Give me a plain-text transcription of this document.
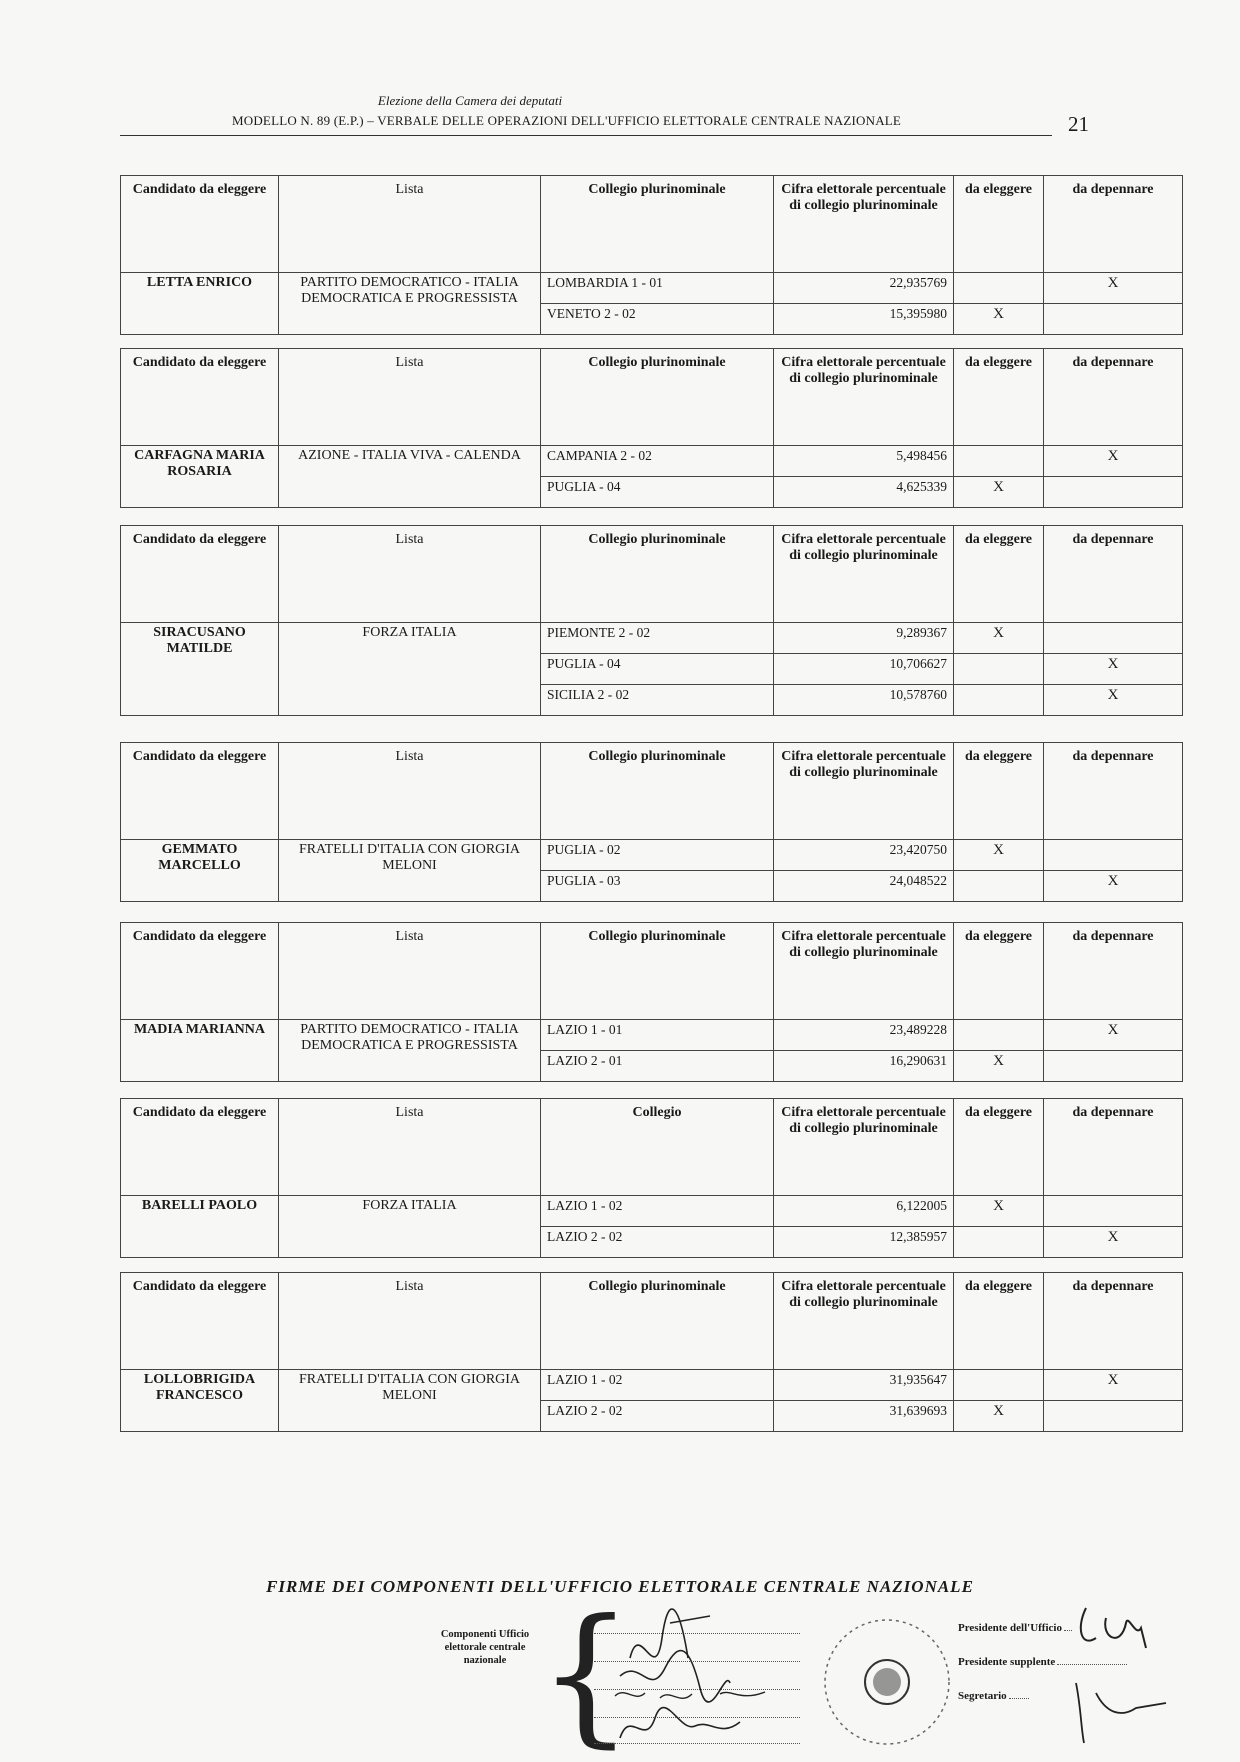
Elezione della Camera dei deputati
MODELLO N. 89 (E.P.) – VERBALE DELLE OPERAZIONI DELL'UFFICIO ELETTORALE CENTRALE NAZIONALE	21
Candidato da eleggere	Lista	Collegio plurinominale	Cifra elettorale percentuale di collegio plurinominale	da eleggere	da depennare
LETTA ENRICO	PARTITO DEMOCRATICO - ITALIA DEMOCRATICA E PROGRESSISTA	LOMBARDIA 1 - 01	22,935769		X
		VENETO 2 - 02	15,395980	X	
Candidato da eleggere	Lista	Collegio plurinominale	Cifra elettorale percentuale di collegio plurinominale	da eleggere	da depennare
CARFAGNA MARIA ROSARIA	AZIONE - ITALIA VIVA - CALENDA	CAMPANIA 2 - 02	5,498456		X
		PUGLIA - 04	4,625339	X	
Candidato da eleggere	Lista	Collegio plurinominale	Cifra elettorale percentuale di collegio plurinominale	da eleggere	da depennare
SIRACUSANO MATILDE	FORZA ITALIA	PIEMONTE 2 - 02	9,289367	X	
		PUGLIA - 04	10,706627		X
		SICILIA 2 - 02	10,578760		X
Candidato da eleggere	Lista	Collegio plurinominale	Cifra elettorale percentuale di collegio plurinominale	da eleggere	da depennare
GEMMATO MARCELLO	FRATELLI D'ITALIA CON GIORGIA MELONI	PUGLIA - 02	23,420750	X	
		PUGLIA - 03	24,048522		X
Candidato da eleggere	Lista	Collegio plurinominale	Cifra elettorale percentuale di collegio plurinominale	da eleggere	da depennare
MADIA MARIANNA	PARTITO DEMOCRATICO - ITALIA DEMOCRATICA E PROGRESSISTA	LAZIO 1 - 01	23,489228		X
		LAZIO 2 - 01	16,290631	X	
Candidato da eleggere	Lista	Collegio	Cifra elettorale percentuale di collegio plurinominale	da eleggere	da depennare
BARELLI PAOLO	FORZA ITALIA	LAZIO 1 - 02	6,122005	X	
		LAZIO 2 - 02	12,385957		X
Candidato da eleggere	Lista	Collegio plurinominale	Cifra elettorale percentuale di collegio plurinominale	da eleggere	da depennare
LOLLOBRIGIDA FRANCESCO	FRATELLI D'ITALIA CON GIORGIA MELONI	LAZIO 1 - 02	31,935647		X
		LAZIO 2 - 02	31,639693	X	
FIRME DEI COMPONENTI DELL'UFFICIO ELETTORALE CENTRALE NAZIONALE
Componenti Ufficio elettorale centrale nazionale {	Presidente dell'Ufficio
Presidente supplente
Segretario
